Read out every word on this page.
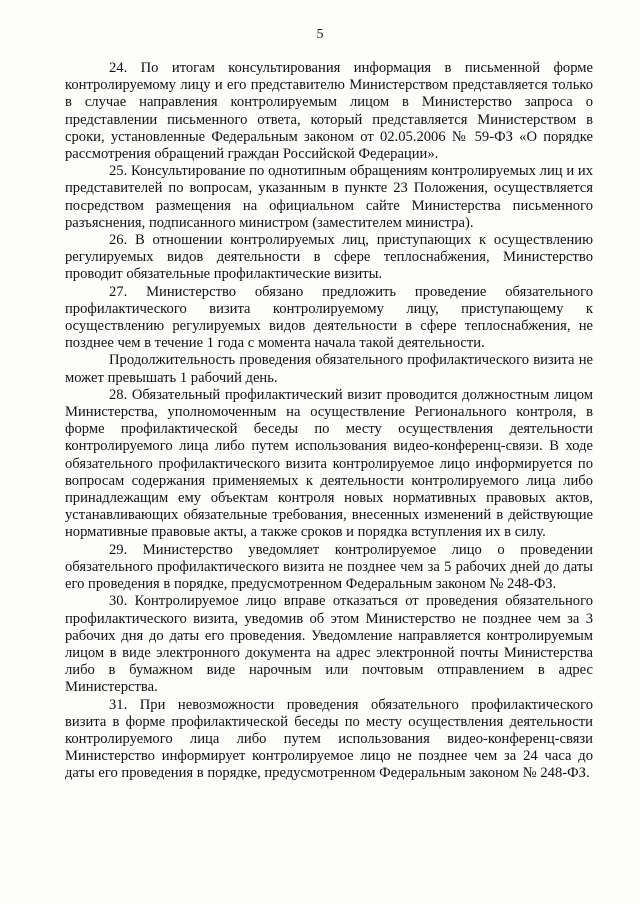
5

24. По итогам консультирования информация в письменной форме контролируемому лицу и его представителю Министерством представляется только в случае направления контролируемым лицом в Министерство запроса о представлении письменного ответа, который представляется Министерством в сроки, установленные Федеральным законом от 02.05.2006 № 59-ФЗ «О порядке рассмотрения обращений граждан Российской Федерации».

25. Консультирование по однотипным обращениям контролируемых лиц и их представителей по вопросам, указанным в пункте 23 Положения, осуществляется посредством размещения на официальном сайте Министерства письменного разъяснения, подписанного министром (заместителем министра).

26. В отношении контролируемых лиц, приступающих к осуществлению регулируемых видов деятельности в сфере теплоснабжения, Министерство проводит обязательные профилактические визиты.

27. Министерство обязано предложить проведение обязательного профилактического визита контролируемому лицу, приступающему к осуществлению регулируемых видов деятельности в сфере теплоснабжения, не позднее чем в течение 1 года с момента начала такой деятельности.

Продолжительность проведения обязательного профилактического визита не может превышать 1 рабочий день.

28. Обязательный профилактический визит проводится должностным лицом Министерства, уполномоченным на осуществление Регионального контроля, в форме профилактической беседы по месту осуществления деятельности контролируемого лица либо путем использования видео-конференц-связи. В ходе обязательного профилактического визита контролируемое лицо информируется по вопросам содержания применяемых к деятельности контролируемого лица либо принадлежащим ему объектам контроля новых нормативных правовых актов, устанавливающих обязательные требования, внесенных изменений в действующие нормативные правовые акты, а также сроков и порядка вступления их в силу.

29. Министерство уведомляет контролируемое лицо о проведении обязательного профилактического визита не позднее чем за 5 рабочих дней до даты его проведения в порядке, предусмотренном Федеральным законом № 248-ФЗ.

30. Контролируемое лицо вправе отказаться от проведения обязательного профилактического визита, уведомив об этом Министерство не позднее чем за 3 рабочих дня до даты его проведения. Уведомление направляется контролируемым лицом в виде электронного документа на адрес электронной почты Министерства либо в бумажном виде нарочным или почтовым отправлением в адрес Министерства.

31. При невозможности проведения обязательного профилактического визита в форме профилактической беседы по месту осуществления деятельности контролируемого лица либо путем использования видео-конференц-связи Министерство информирует контролируемое лицо не позднее чем за 24 часа до даты его проведения в порядке, предусмотренном Федеральным законом № 248-ФЗ.
